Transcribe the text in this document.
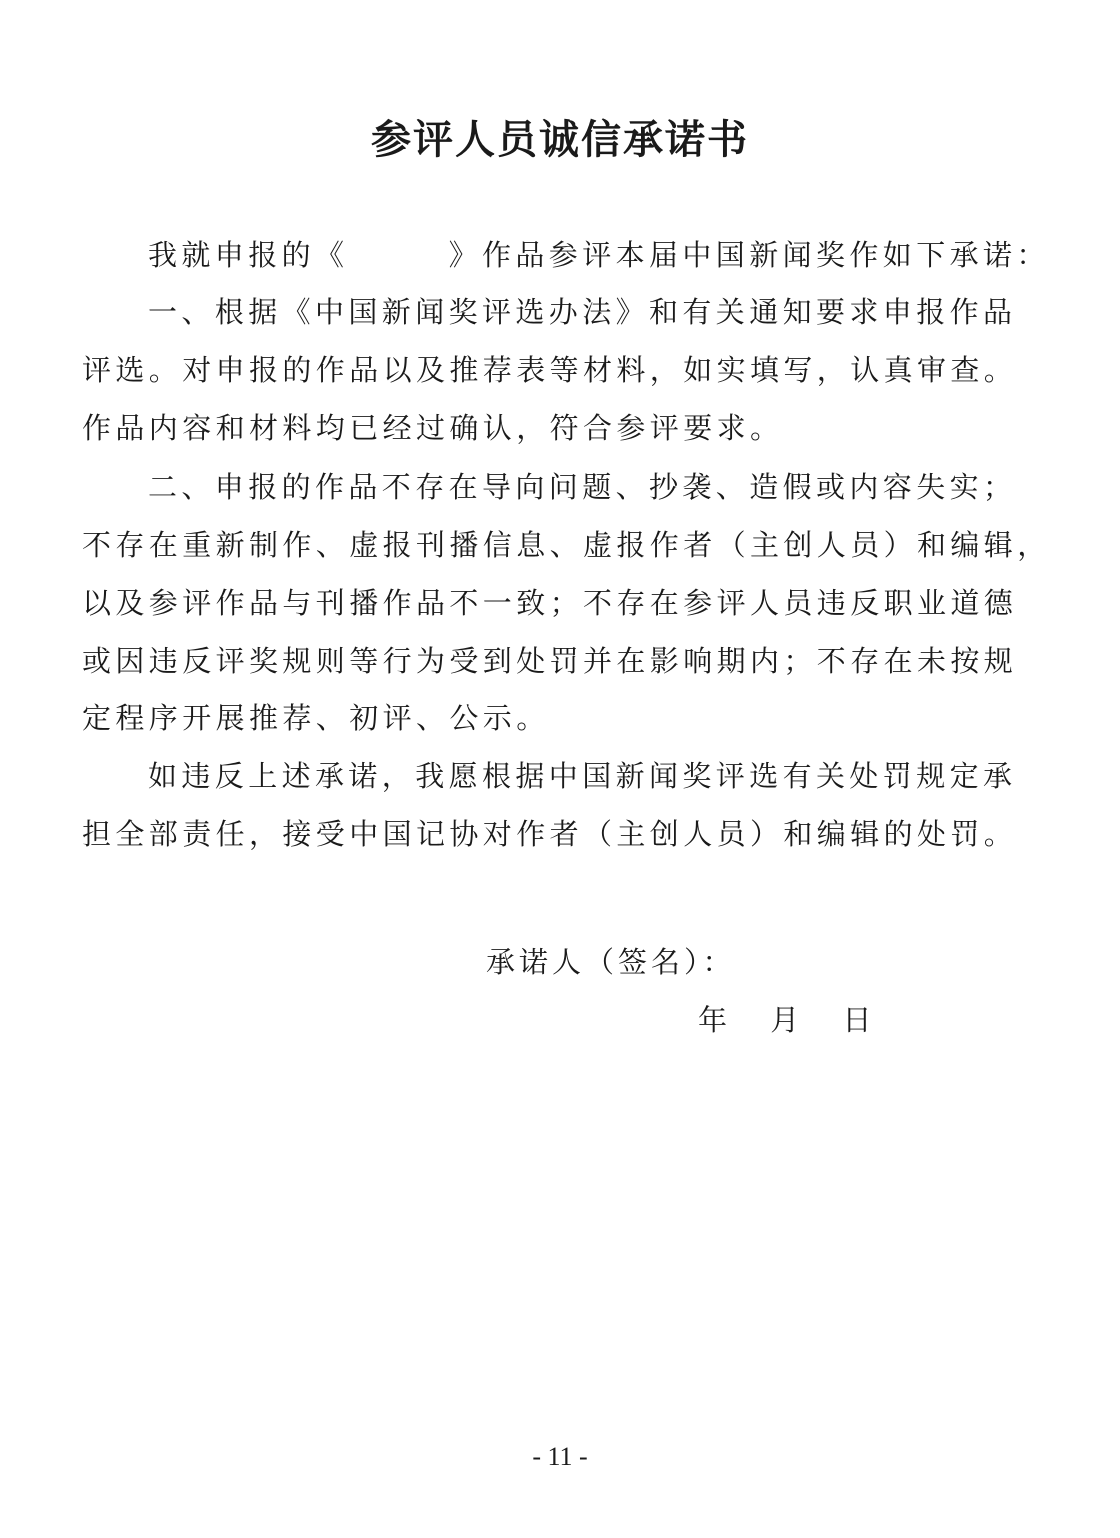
参评人员诚信承诺书
我就申报的《　　　》作品参评本届中国新闻奖作如下承诺：
一、根据《中国新闻奖评选办法》和有关通知要求申报作品
评选。对申报的作品以及推荐表等材料，如实填写，认真审查。
作品内容和材料均已经过确认，符合参评要求。
二、申报的作品不存在导向问题、抄袭、造假或内容失实；
不存在重新制作、虚报刊播信息、虚报作者（主创人员）和编辑，
以及参评作品与刊播作品不一致；不存在参评人员违反职业道德
或因违反评奖规则等行为受到处罚并在影响期内；不存在未按规
定程序开展推荐、初评、公示。
如违反上述承诺，我愿根据中国新闻奖评选有关处罚规定承
担全部责任，接受中国记协对作者（主创人员）和编辑的处罚。
承诺人（签名）：
年 月 日
- 11 -
